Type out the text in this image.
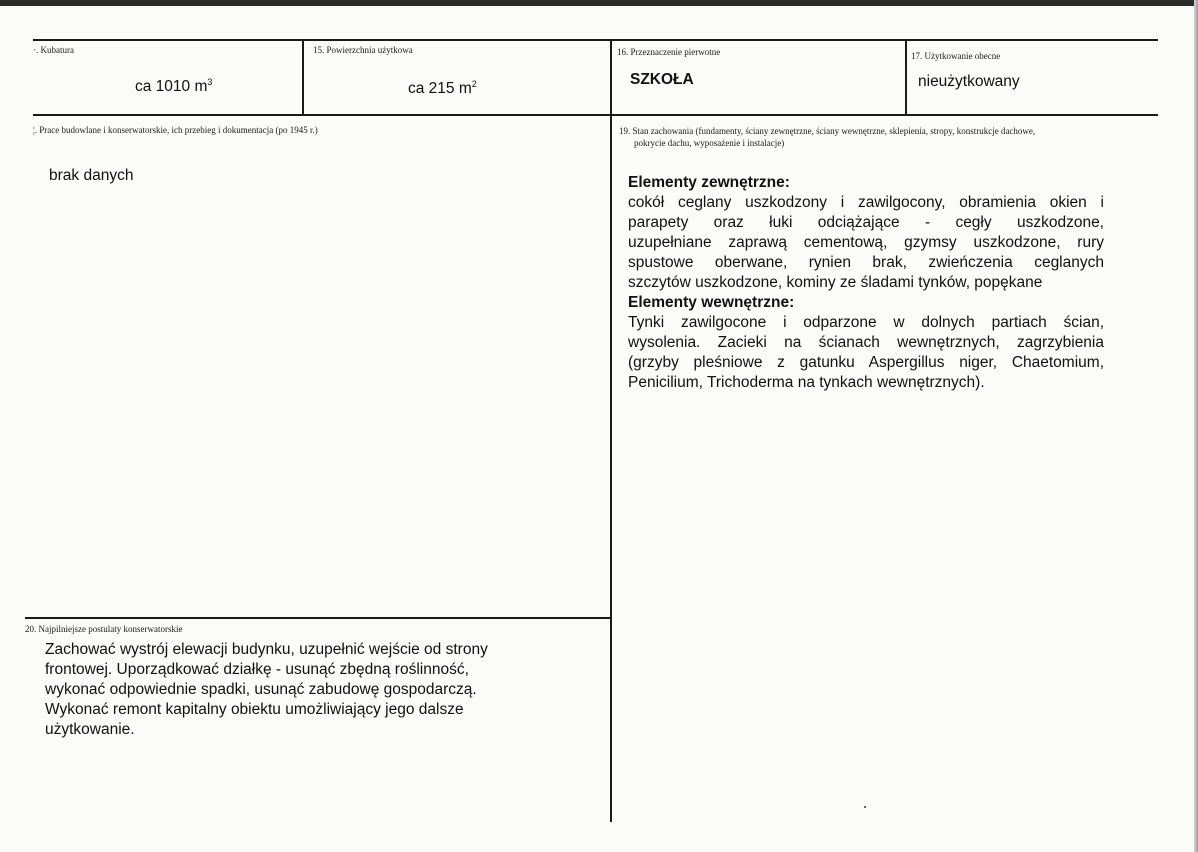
·. Kubatura
ca 1010 $m^3$
15. Powierzchnia użytkowa
ca 215 $m^2$
16. Przeznaczenie pierwotne
SZKOŁA
17. Użytkowanie obecne
nieużytkowany
¦. Prace budowlane i konserwatorskie, ich przebieg i dokumentacja (po 1945 r.)
brak danych
19. Stan zachowania (fundamenty, ściany zewnętrzne, ściany wewnętrzne, sklepienia, stropy, konstrukcje dachowe,
pokrycie dachu, wyposażenie i instalacje)
Elementy zewnętrzne:
cokół ceglany uszkodzony i zawilgocony, obramienia okien i
parapety oraz łuki odciążające - cegły uszkodzone,
uzupełniane zaprawą cementową, gzymsy uszkodzone, rury
spustowe oberwane, rynien brak, zwieńczenia ceglanych
szczytów uszkodzone, kominy ze śladami tynków, popękane
Elementy wewnętrzne:
Tynki zawilgocone i odparzone w dolnych partiach ścian,
wysolenia. Zacieki na ścianach wewnętrznych, zagrzybienia
(grzyby pleśniowe z gatunku Aspergillus niger, Chaetomium,
Penicilium, Trichoderma na tynkach wewnętrznych).
20. Najpilniejsze postulaty konserwatorskie
Zachować wystrój elewacji budynku, uzupełnić wejście od strony
frontowej. Uporządkować działkę - usunąć zbędną roślinność,
wykonać odpowiednie spadki, usunąć zabudowę gospodarczą.
Wykonać remont kapitalny obiektu umożliwiający jego dalsze
użytkowanie.
